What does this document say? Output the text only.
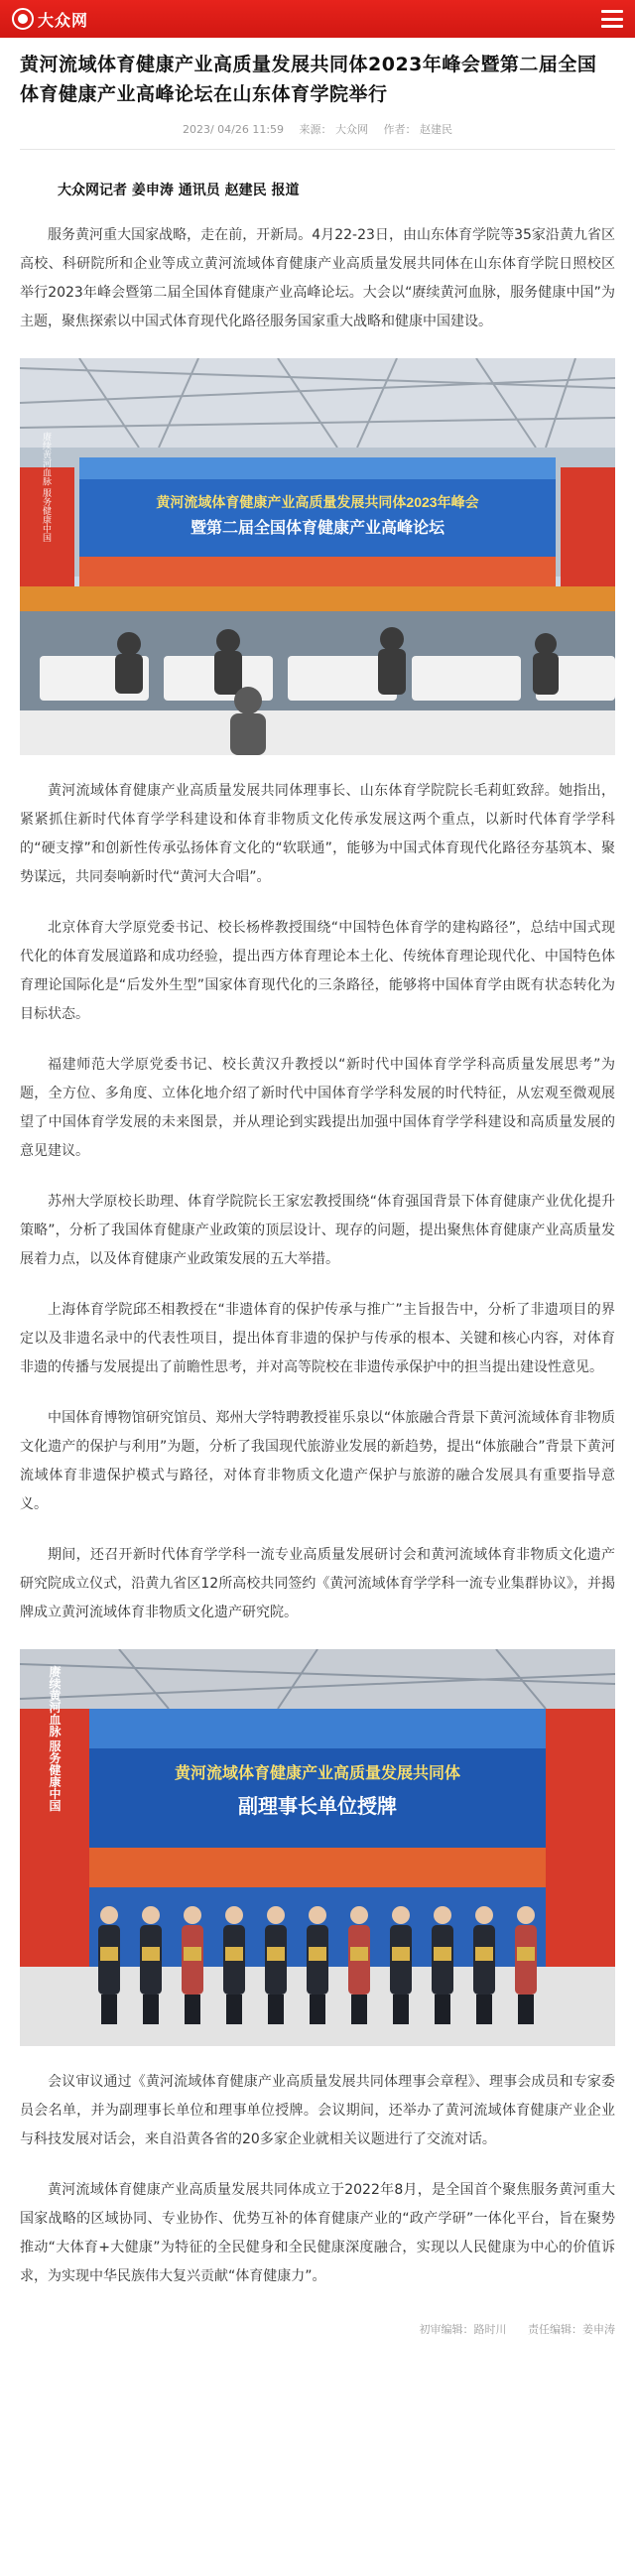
大众网
黄河流域体育健康产业高质量发展共同体2023年峰会暨第二届全国体育健康产业高峰论坛在山东体育学院举行
2023/ 04/26 11:59 来源： 大众网 作者： 赵建民
大众网记者 姜申涛 通讯员 赵建民 报道

服务黄河重大国家战略，走在前，开新局。4月22-23日，由山东体育学院等35家沿黄九省区高校、科研院所和企业等成立黄河流域体育健康产业高质量发展共同体在山东体育学院日照校区举行2023年峰会暨第二届全国体育健康产业高峰论坛。大会以“赓续黄河血脉，服务健康中国”为主题，聚焦探索以中国式体育现代化路径服务国家重大战略和健康中国建设。

黄河流域体育健康产业高质量发展共同体2023年峰会
暨第二届全国体育健康产业高峰论坛
赓续黄河血脉 服务健康中国

黄河流域体育健康产业高质量发展共同体理事长、山东体育学院院长毛莉虹致辞。她指出，紧紧抓住新时代体育学学科建设和体育非物质文化传承发展这两个重点，以新时代体育学学科的“硬支撑”和创新性传承弘扬体育文化的“软联通”，能够为中国式体育现代化路径夯基筑本、聚势谋远，共同奏响新时代“黄河大合唱”。

北京体育大学原党委书记、校长杨桦教授围绕“中国特色体育学的建构路径”，总结中国式现代化的体育发展道路和成功经验，提出西方体育理论本土化、传统体育理论现代化、中国特色体育理论国际化是“后发外生型”国家体育现代化的三条路径，能够将中国体育学由既有状态转化为目标状态。

福建师范大学原党委书记、校长黄汉升教授以“新时代中国体育学学科高质量发展思考”为题，全方位、多角度、立体化地介绍了新时代中国体育学学科发展的时代特征，从宏观至微观展望了中国体育学发展的未来图景，并从理论到实践提出加强中国体育学学科建设和高质量发展的意见建议。

苏州大学原校长助理、体育学院院长王家宏教授围绕“体育强国背景下体育健康产业优化提升策略”，分析了我国体育健康产业政策的顶层设计、现存的问题，提出聚焦体育健康产业高质量发展着力点，以及体育健康产业政策发展的五大举措。

上海体育学院邱丕相教授在“非遗体育的保护传承与推广”主旨报告中，分析了非遗项目的界定以及非遗名录中的代表性项目，提出体育非遗的保护与传承的根本、关键和核心内容，对体育非遗的传播与发展提出了前瞻性思考，并对高等院校在非遗传承保护中的担当提出建设性意见。

中国体育博物馆研究馆员、郑州大学特聘教授崔乐泉以“体旅融合背景下黄河流域体育非物质文化遗产的保护与利用”为题，分析了我国现代旅游业发展的新趋势，提出“体旅融合”背景下黄河流域体育非遗保护模式与路径，对体育非物质文化遗产保护与旅游的融合发展具有重要指导意义。

期间，还召开新时代体育学学科一流专业高质量发展研讨会和黄河流域体育非物质文化遗产研究院成立仪式，沿黄九省区12所高校共同签约《黄河流域体育学学科一流专业集群协议》，并揭牌成立黄河流域体育非物质文化遗产研究院。

赓续黄河血脉 服务健康中国	黄河流域体育健康产业高质量发展共同体
副理事长单位授牌

会议审议通过《黄河流域体育健康产业高质量发展共同体理事会章程》、理事会成员和专家委员会名单，并为副理事长单位和理事单位授牌。会议期间，还举办了黄河流域体育健康产业企业与科技发展对话会，来自沿黄各省的20多家企业就相关议题进行了交流对话。

黄河流域体育健康产业高质量发展共同体成立于2022年8月，是全国首个聚焦服务黄河重大国家战略的区域协同、专业协作、优势互补的体育健康产业的“政产学研”一体化平台，旨在聚势推动“大体育+大健康”为特征的全民健身和全民健康深度融合，实现以人民健康为中心的价值诉求，为实现中华民族伟大复兴贡献“体育健康力”。

初审编辑：路时川 责任编辑：姜申涛
